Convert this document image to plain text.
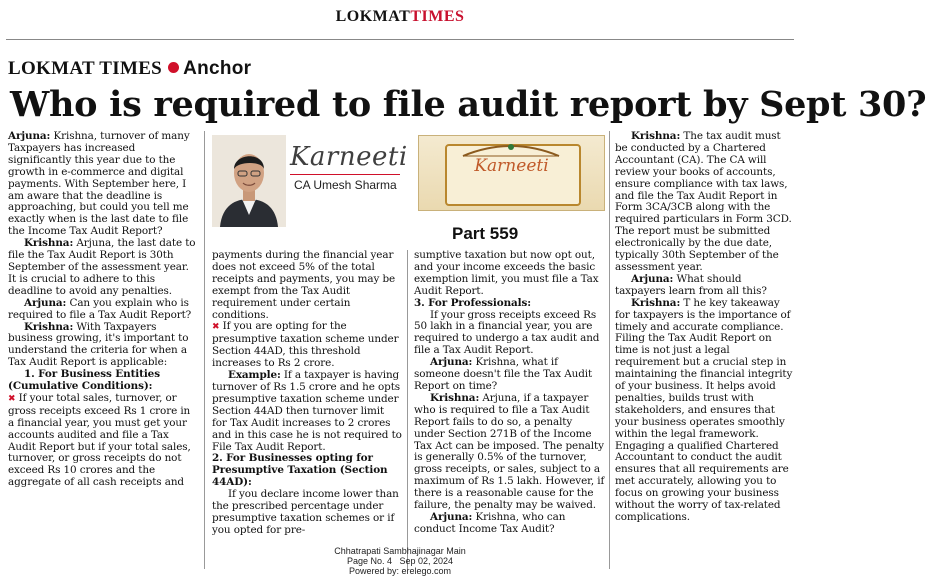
LOKMATTIMES
LOKMAT TIMES Anchor
Who is required to file audit report by Sept 30?
Karneeti
CA Umesh Sharma
Karneeti
Part 559

Arjuna: Krishna, turnover of many Taxpayers has increased significantly this year due to the growth in e-commerce and digital payments. With September here, I am aware that the deadline is approaching, but could you tell me exactly when is the last date to file the Income Tax Audit Report?

Krishna: Arjuna, the last date to file the Tax Audit Report is 30th September of the assessment year. It is crucial to adhere to this deadline to avoid any penalties.

Arjuna: Can you explain who is required to file a Tax Audit Report?

Krishna: With Taxpayers business growing, it's important to understand the criteria for when a Tax Audit Report is applicable:

1. For Business Entities (Cumulative Conditions):

✖ If your total sales, turnover, or gross receipts exceed Rs 1 crore in a financial year, you must get your accounts audited and file a Tax Audit Report but if your total sales, turnover, or gross receipts do not exceed Rs 10 crores and the aggregate of all cash receipts and

payments during the financial year does not exceed 5% of the total receipts and payments, you may be exempt from the Tax Audit requirement under certain conditions.

✖ If you are opting for the presumptive taxation scheme under Section 44AD, this threshold increases to Rs 2 crore.

Example: If a taxpayer is having turnover of Rs 1.5 crore and he opts presumptive taxation scheme under Section 44AD then turnover limit for Tax Audit increases to 2 crores and in this case he is not required to File Tax Audit Report.

2. For Businesses opting for Presumptive Taxation (Section 44AD):

If you declare income lower than the prescribed percentage under presumptive taxation schemes or if you opted for pre-

sumptive taxation but now opt out, and your income exceeds the basic exemption limit, you must file a Tax Audit Report.

3. For Professionals:

If your gross receipts exceed Rs 50 lakh in a financial year, you are required to undergo a tax audit and file a Tax Audit Report.

Arjuna: Krishna, what if someone doesn't file the Tax Audit Report on time?

Krishna: Arjuna, if a taxpayer who is required to file a Tax Audit Report fails to do so, a penalty under Section 271B of the Income Tax Act can be imposed. The penalty is generally 0.5% of the turnover, gross receipts, or sales, subject to a maximum of Rs 1.5 lakh. However, if there is a reasonable cause for the failure, the penalty may be waived.

Arjuna: Krishna, who can conduct Income Tax Audit?

Krishna: The tax audit must be conducted by a Chartered Accountant (CA). The CA will review your books of accounts, ensure compliance with tax laws, and file the Tax Audit Report in Form 3CA/3CB along with the required particulars in Form 3CD. The report must be submitted electronically by the due date, typically 30th September of the assessment year.

Arjuna: What should taxpayers learn from all this?

Krishna: T he key takeaway for taxpayers is the importance of timely and accurate compliance. Filing the Tax Audit Report on time is not just a legal requirement but a crucial step in maintaining the financial integrity of your business. It helps avoid penalties, builds trust with stakeholders, and ensures that your business operates smoothly within the legal framework. Engaging a qualified Chartered Accountant to conduct the audit ensures that all requirements are met accurately, allowing you to focus on growing your business without the worry of tax-related complications.

Chhatrapati Sambhajinagar Main
Page No. 4 Sep 02, 2024
Powered by: erelego.com
